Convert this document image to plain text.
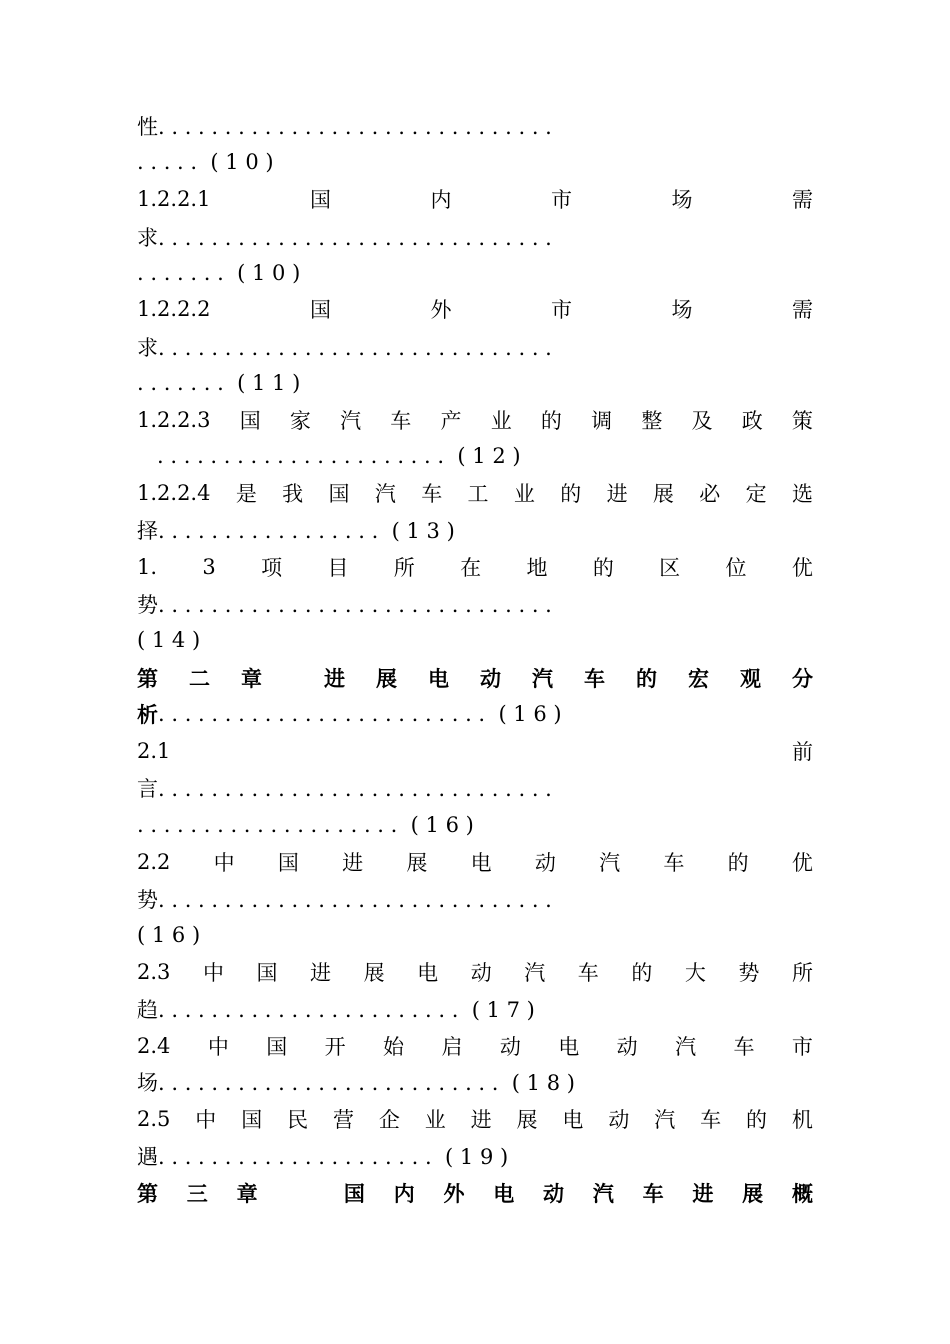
性. . . . . . . . . . . . . . . . . . . . . . . . . . . . . .
. . . . .  ( 1 0 )
1.2.2.1	国	内	市	场	需
求. . . . . . . . . . . . . . . . . . . . . . . . . . . . . .
. . . . . . .  ( 1 0 )
1.2.2.2	国	外	市	场	需
求. . . . . . . . . . . . . . . . . . . . . . . . . . . . . .
. . . . . . .  ( 1 1 )
1.2.2.3 国 家 汽 车 产 业 的 调 整 及 政 策
. . . . . . . . . . . . . . . . . . . . . .  ( 1 2 )
1.2.2.4 是 我 国 汽 车 工 业 的 进 展 必 定 选
择. . . . . . . . . . . . . . . . .  ( 1 3 )
1. 3 项 目 所 在 地 的 区 位 优
势. . . . . . . . . . . . . . . . . . . . . . . . . . . . . .
( 1 4 )
第 二 章	进 展 电 动 汽 车 的 宏 观 分
析 . . . . . . . . . . . . . . . . . . . . . . . . .  ( 1 6 )
2.1	前
言. . . . . . . . . . . . . . . . . . . . . . . . . . . . . .
. . . . . . . . . . . . . . . . . . . .  ( 1 6 )
2.2 中 国 进 展 电 动 汽 车 的 优
势. . . . . . . . . . . . . . . . . . . . . . . . . . . . . .
( 1 6 )
2.3 中 国 进 展 电 动 汽 车 的 大 势 所
趋. . . . . . . . . . . . . . . . . . . . . . .  ( 1 7 )
2.4 中 国 开 始 启 动 电 动 汽 车 市
场. . . . . . . . . . . . . . . . . . . . . . . . . .  ( 1 8 )
2.5 中 国 民 营 企 业 进 展 电 动 汽 车 的 机
遇. . . . . . . . . . . . . . . . . . . . .  ( 1 9 )
第 三 章	国 内 外 电 动 汽 车 进 展 概
